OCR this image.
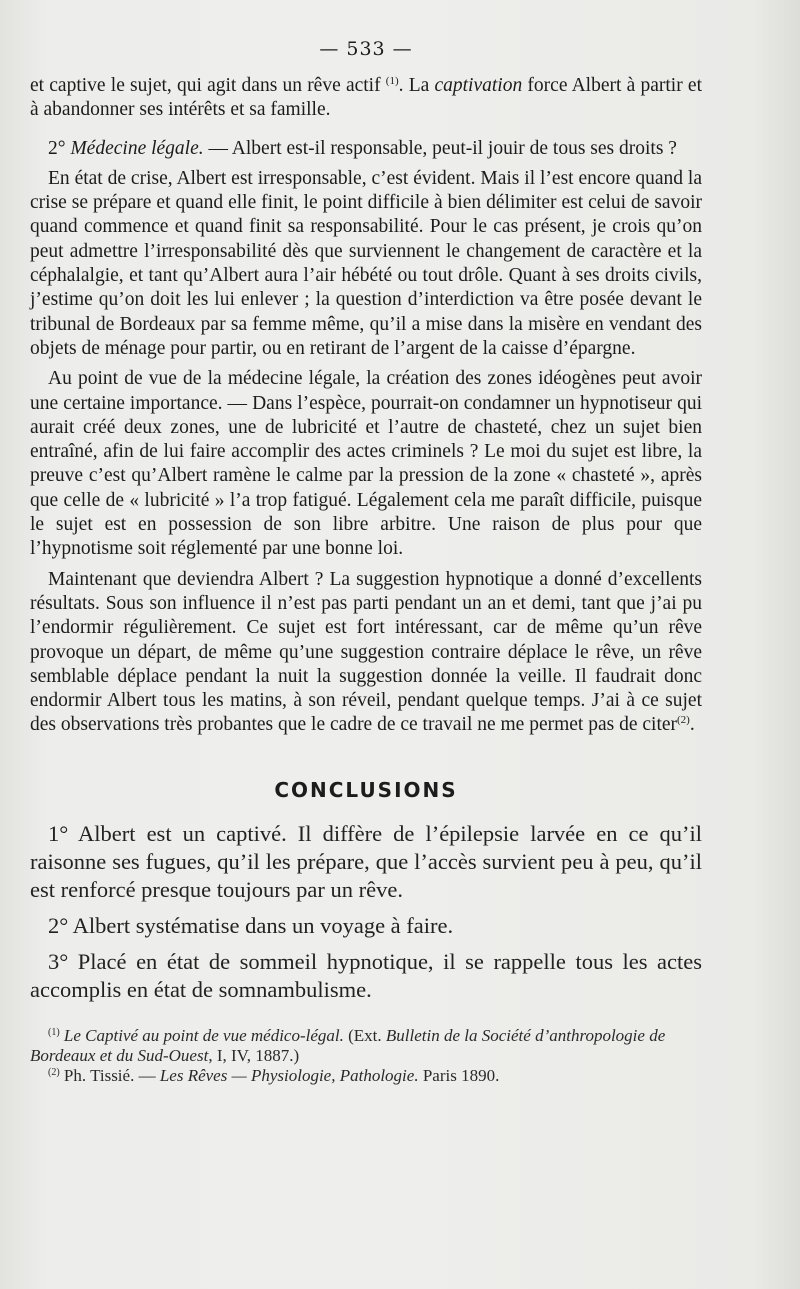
— 533 —

et captive le sujet, qui agit dans un rêve actif $^{(1)}$. La captivation force Albert à partir et à abandonner ses intérêts et sa famille.

2° Médecine légale. — Albert est-il responsable, peut-il jouir de tous ses droits ?

En état de crise, Albert est irresponsable, c’est évident. Mais il l’est encore quand la crise se prépare et quand elle finit, le point difficile à bien délimiter est celui de savoir quand commence et quand finit sa responsabilité. Pour le cas présent, je crois qu’on peut admettre l’irresponsabilité dès que surviennent le changement de caractère et la céphalalgie, et tant qu’Albert aura l’air hébété ou tout drôle. Quant à ses droits civils, j’estime qu’on doit les lui enlever ; la question d’interdiction va être posée devant le tribunal de Bordeaux par sa femme même, qu’il a mise dans la misère en vendant des objets de ménage pour partir, ou en retirant de l’argent de la caisse d’épargne.

Au point de vue de la médecine légale, la création des zones idéogènes peut avoir une certaine importance. — Dans l’espèce, pourrait-on condamner un hypnotiseur qui aurait créé deux zones, une de lubricité et l’autre de chasteté, chez un sujet bien entraîné, afin de lui faire accomplir des actes criminels ? Le moi du sujet est libre, la preuve c’est qu’Albert ramène le calme par la pression de la zone « chasteté », après que celle de « lubricité » l’a trop fatigué. Légalement cela me paraît difficile, puisque le sujet est en possession de son libre arbitre. Une raison de plus pour que l’hypnotisme soit réglementé par une bonne loi.

Maintenant que deviendra Albert ? La suggestion hypnotique a donné d’excellents résultats. Sous son influence il n’est pas parti pendant un an et demi, tant que j’ai pu l’endormir régulièrement. Ce sujet est fort intéressant, car de même qu’un rêve provoque un départ, de même qu’une suggestion contraire déplace le rêve, un rêve semblable déplace pendant la nuit la suggestion donnée la veille. Il faudrait donc endormir Albert tous les matins, à son réveil, pendant quelque temps. J’ai à ce sujet des observations très probantes que le cadre de ce travail ne me permet pas de citer$^{(2)}$.

CONCLUSIONS

1° Albert est un captivé. Il diffère de l’épilepsie larvée en ce qu’il raisonne ses fugues, qu’il les prépare, que l’accès survient peu à peu, qu’il est renforcé presque toujours par un rêve.

2° Albert systématise dans un voyage à faire.

3° Placé en état de sommeil hypnotique, il se rappelle tous les actes accomplis en état de somnambulisme.

$^{(1)}$ Le Captivé au point de vue médico-légal. (Ext. Bulletin de la Société d’anthropologie de Bordeaux et du Sud-Ouest, I, IV, 1887.)

$^{(2)}$ Ph. Tissié. — Les Rêves — Physiologie, Pathologie. Paris 1890.
